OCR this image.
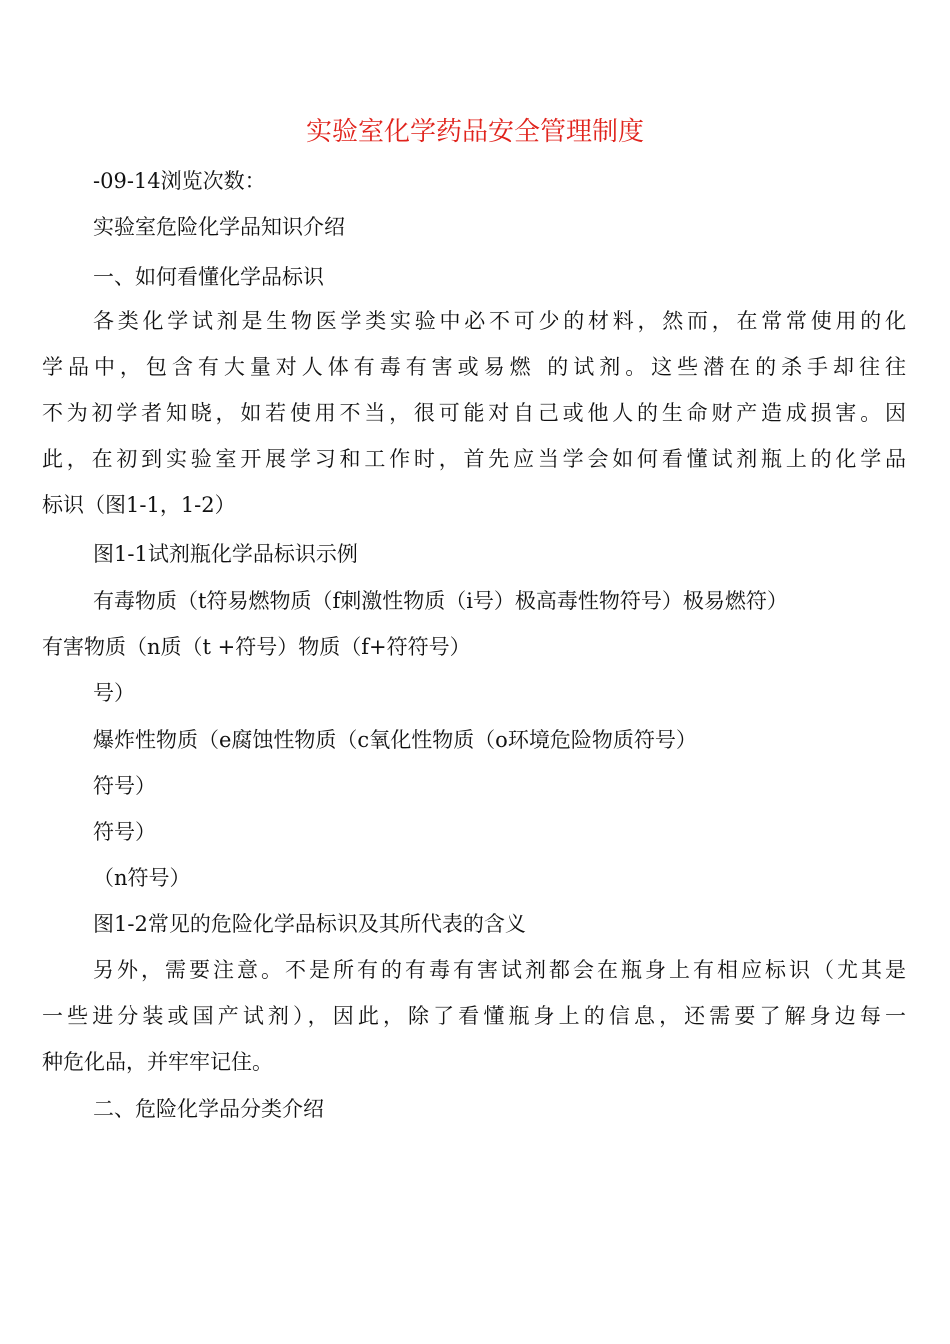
实验室化学药品安全管理制度

-09-14浏览次数：

实验室危险化学品知识介绍

一、如何看懂化学品标识

各类化学试剂是生物医学类实验中必不可少的材料，然而，在常常使用的化

学品中，包含有大量对人体有毒有害或易燃 的试剂。这些潜在的杀手却往往

不为初学者知晓，如若使用不当，很可能对自己或他人的生命财产造成损害。因

此，在初到实验室开展学习和工作时，首先应当学会如何看懂试剂瓶上的化学品

标识（图1-1，1-2）

图1-1试剂瓶化学品标识示例

有毒物质（t符易燃物质（f刺激性物质（i号）极高毒性物符号）极易燃符）

有害物质（n质（t +符号）物质（f+符符号）

号）

爆炸性物质（e腐蚀性物质（c氧化性物质（o环境危险物质符号）

符号）

符号）

（n符号）

图1-2常见的危险化学品标识及其所代表的含义

另外，需要注意。不是所有的有毒有害试剂都会在瓶身上有相应标识（尤其是

一些进分装或国产试剂），因此，除了看懂瓶身上的信息，还需要了解身边每一

种危化品，并牢牢记住。

二、危险化学品分类介绍
